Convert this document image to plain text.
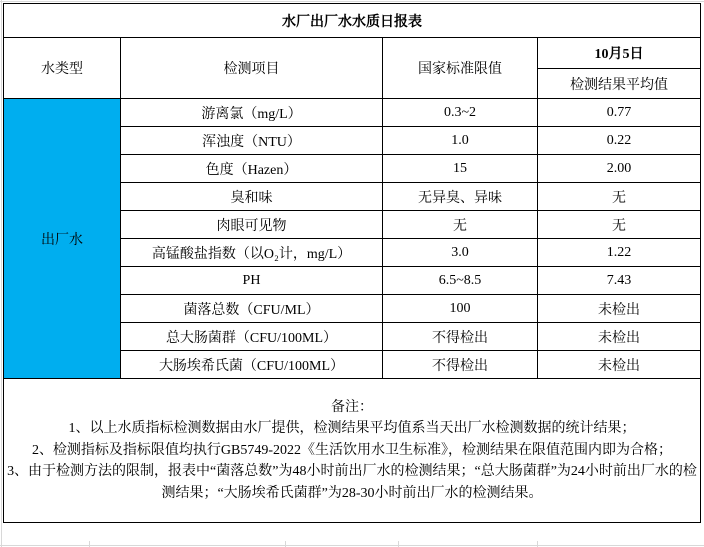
水厂出厂水水质日报表			
水类型	检测项目	国家标准限值	10月5日
			检测结果平均值
出厂水	游离氯（mg/L）	0.3~2	0.77
	浑浊度（NTU）	1.0	0.22
	色度（Hazen）	15	2.00
	臭和味	无异臭、异味	无
	肉眼可见物	无	无
	高锰酸盐指数（以O₂计，mg/L）	3.0	1.22
	PH	6.5~8.5	7.43
	菌落总数（CFU/ML）	100	未检出
	总大肠菌群（CFU/100ML）	不得检出	未检出
	大肠埃希氏菌（CFU/100ML）	不得检出	未检出

备注：
1、以上水质指标检测数据由水厂提供，检测结果平均值系当天出厂水检测数据的统计结果；
2、检测指标及指标限值均执行GB5749-2022《生活饮用水卫生标准》，检测结果在限值范围内即为合格；
3、由于检测方法的限制，报表中“菌落总数”为48小时前出厂水的检测结果；“总大肠菌群”为24小时前出厂水的检测结果；“大肠埃希氏菌群”为28-30小时前出厂水的检测结果。			
